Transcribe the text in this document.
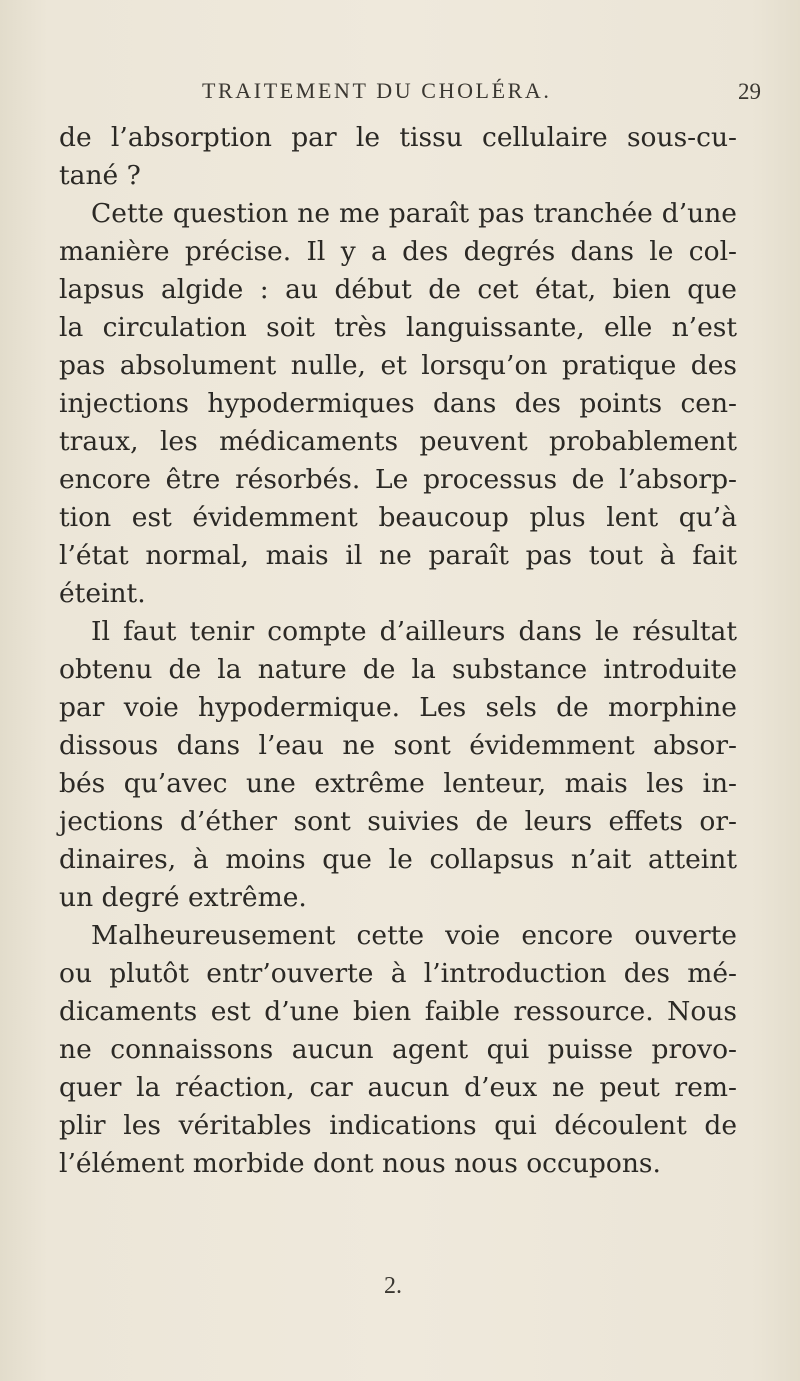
TRAITEMENT DU CHOLÉRA.	29
de l’absorption par le tissu cellulaire sous-cu-
tané ?
Cette question ne me paraît pas tranchée d’une
manière précise. Il y a des degrés dans le col-
lapsus algide : au début de cet état, bien que
la circulation soit très languissante, elle n’est
pas absolument nulle, et lorsqu’on pratique des
injections hypodermiques dans des points cen-
traux, les médicaments peuvent probablement
encore être résorbés. Le processus de l’absorp-
tion est évidemment beaucoup plus lent qu’à
l’état normal, mais il ne paraît pas tout à fait
éteint.
Il faut tenir compte d’ailleurs dans le résultat
obtenu de la nature de la substance introduite
par voie hypodermique. Les sels de morphine
dissous dans l’eau ne sont évidemment absor-
bés qu’avec une extrême lenteur, mais les in-
jections d’éther sont suivies de leurs effets or-
dinaires, à moins que le collapsus n’ait atteint
un degré extrême.
Malheureusement cette voie encore ouverte
ou plutôt entr’ouverte à l’introduction des mé-
dicaments est d’une bien faible ressource. Nous
ne connaissons aucun agent qui puisse provo-
quer la réaction, car aucun d’eux ne peut rem-
plir les véritables indications qui découlent de
l’élément morbide dont nous nous occupons.
2.
